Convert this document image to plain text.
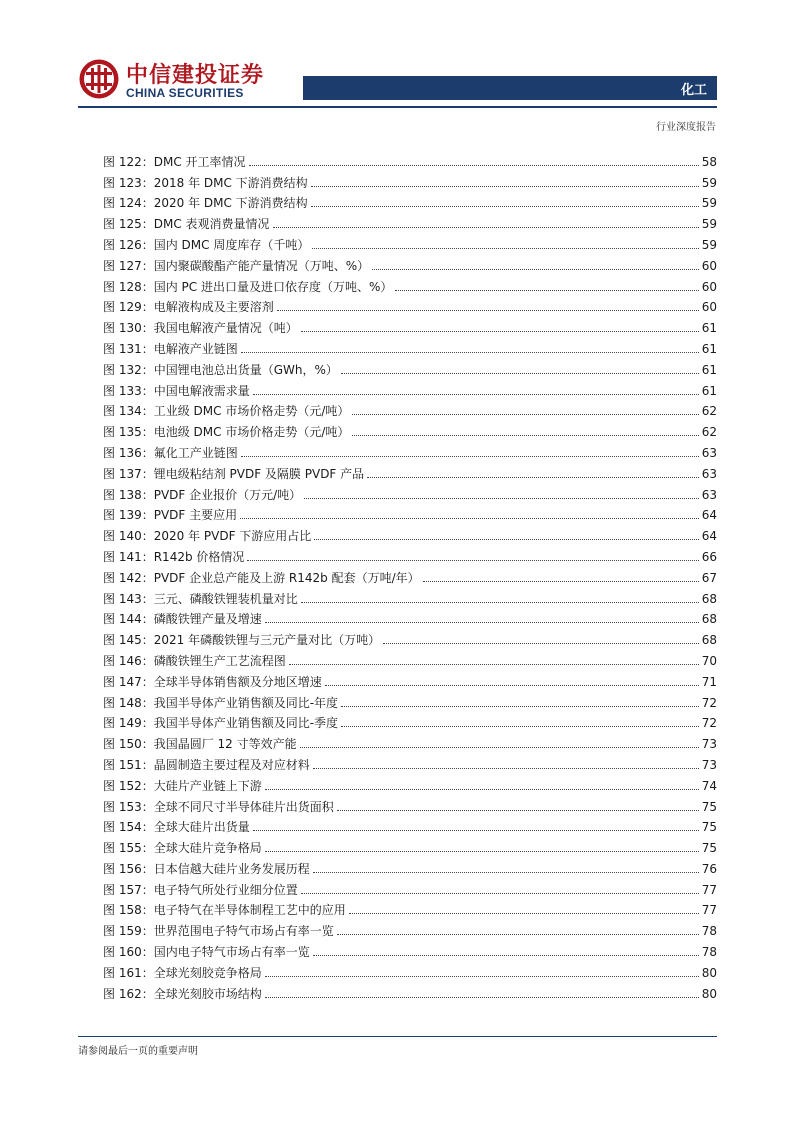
中信建投证券
CHINA SECURITIES	化工
行业深度报告
图 122：DMC 开工率情况	58
图 123：2018 年 DMC 下游消费结构	59
图 124：2020 年 DMC 下游消费结构	59
图 125：DMC 表观消费量情况	59
图 126：国内 DMC 周度库存（千吨）	59
图 127：国内聚碳酸酯产能产量情况（万吨、%）	60
图 128：国内 PC 进出口量及进口依存度（万吨、%）	60
图 129：电解液构成及主要溶剂	60
图 130：我国电解液产量情况（吨）	61
图 131：电解液产业链图	61
图 132：中国锂电池总出货量（GWh，%）	61
图 133：中国电解液需求量	61
图 134：工业级 DMC 市场价格走势（元/吨）	62
图 135：电池级 DMC 市场价格走势（元/吨）	62
图 136：氟化工产业链图	63
图 137：锂电级粘结剂 PVDF 及隔膜 PVDF 产品	63
图 138：PVDF 企业报价（万元/吨）	63
图 139：PVDF 主要应用	64
图 140：2020 年 PVDF 下游应用占比	64
图 141：R142b 价格情况	66
图 142：PVDF 企业总产能及上游 R142b 配套（万吨/年）	67
图 143：三元、磷酸铁锂装机量对比	68
图 144：磷酸铁锂产量及增速	68
图 145：2021 年磷酸铁锂与三元产量对比（万吨）	68
图 146：磷酸铁锂生产工艺流程图	70
图 147：全球半导体销售额及分地区增速	71
图 148：我国半导体产业销售额及同比-年度	72
图 149：我国半导体产业销售额及同比-季度	72
图 150：我国晶圆厂 12 寸等效产能	73
图 151：晶圆制造主要过程及对应材料	73
图 152：大硅片产业链上下游	74
图 153：全球不同尺寸半导体硅片出货面积	75
图 154：全球大硅片出货量	75
图 155：全球大硅片竞争格局	75
图 156：日本信越大硅片业务发展历程	76
图 157：电子特气所处行业细分位置	77
图 158：电子特气在半导体制程工艺中的应用	77
图 159：世界范围电子特气市场占有率一览	78
图 160：国内电子特气市场占有率一览	78
图 161：全球光刻胶竞争格局	80
图 162：全球光刻胶市场结构	80
请参阅最后一页的重要声明
